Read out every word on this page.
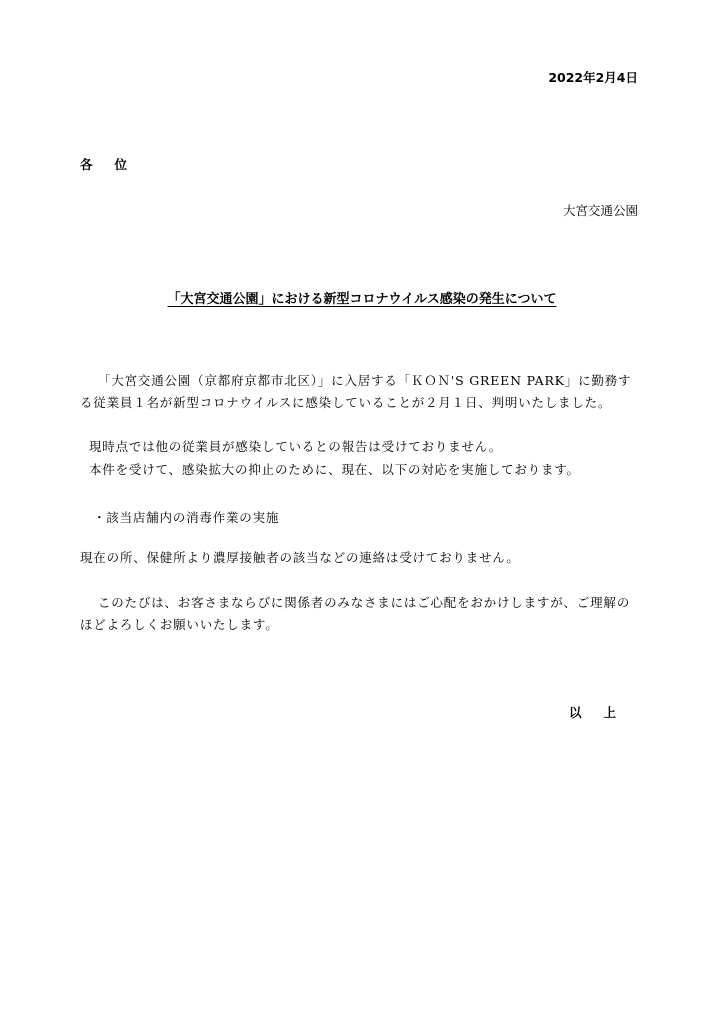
2022年2月4日
各位
大宮交通公園
「大宮交通公園」における新型コロナウイルス感染の発生について
「大宮交通公園（京都府京都市北区）」に入居する「ＫＯＮ'S GREEN PARK」に勤務する従業員１名が新型コロナウイルスに感染していることが２月１日、判明いたしました。
現時点では他の従業員が感染しているとの報告は受けておりません。
本件を受けて、感染拡大の抑止のために、現在、以下の対応を実施しております。
・該当店舗内の消毒作業の実施
現在の所、保健所より濃厚接触者の該当などの連絡は受けておりません。
このたびは、お客さまならびに関係者のみなさまにはご心配をおかけしますが、ご理解のほどよろしくお願いいたします。
以上
